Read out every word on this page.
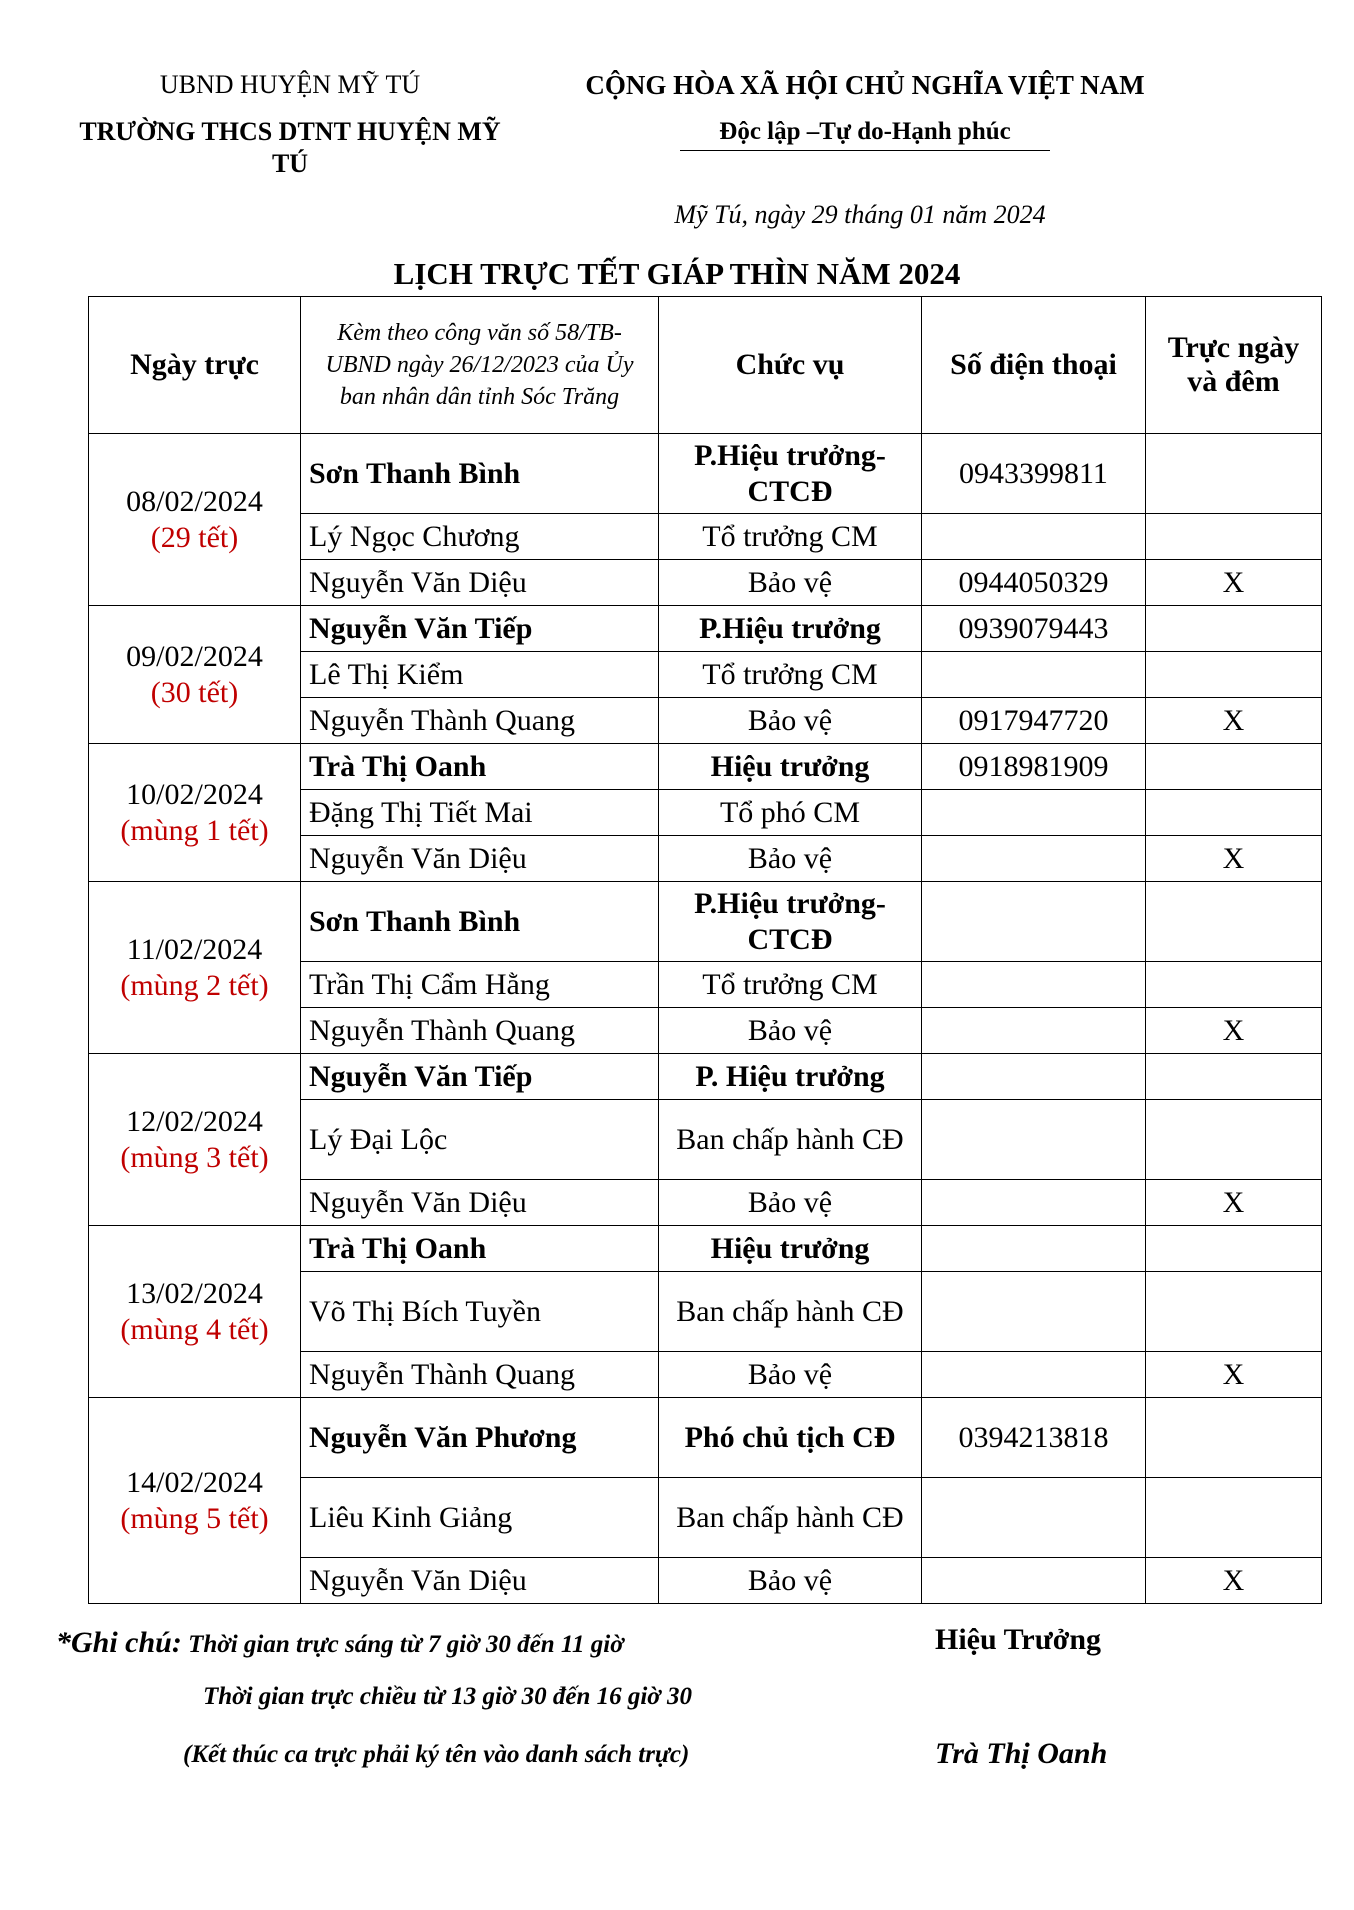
UBND HUYỆN MỸ TÚ
TRƯỜNG THCS DTNT HUYỆN MỸ TÚ
CỘNG HÒA XÃ HỘI CHỦ NGHĨA VIỆT NAM
Độc lập –Tự do-Hạnh phúc
Mỹ Tú, ngày 29 tháng 01 năm 2024
LỊCH TRỰC TẾT GIÁP THÌN NĂM 2024
Ngày trực	Kèm theo công văn số 58/TB-UBND ngày 26/12/2023 của Ủy ban nhân dân tỉnh Sóc Trăng	Chức vụ	Số điện thoại	Trực ngày và đêm

08/02/2024
(29 tết)	Sơn Thanh Bình	P.Hiệu trưởng-CTCĐ	0943399811	
	Lý Ngọc Chương	Tổ trưởng CM		
	Nguyễn Văn Diệu	Bảo vệ	0944050329	X

09/02/2024
(30 tết)	Nguyễn Văn Tiếp	P.Hiệu trưởng	0939079443	
	Lê Thị Kiểm	Tổ trưởng CM		
	Nguyễn Thành Quang	Bảo vệ	0917947720	X

10/02/2024
(mùng 1 tết)	Trà Thị Oanh	Hiệu trưởng	0918981909	
	Đặng Thị Tiết Mai	Tổ phó CM		
	Nguyễn Văn Diệu	Bảo vệ		X

11/02/2024
(mùng 2 tết)	Sơn Thanh Bình	P.Hiệu trưởng-CTCĐ		
	Trần Thị Cẩm Hằng	Tổ trưởng CM		
	Nguyễn Thành Quang	Bảo vệ		X

12/02/2024
(mùng 3 tết)	Nguyễn Văn Tiếp	P. Hiệu trưởng		
	Lý Đại Lộc	Ban chấp hành CĐ		
	Nguyễn Văn Diệu	Bảo vệ		X

13/02/2024
(mùng 4 tết)	Trà Thị Oanh	Hiệu trưởng		
	Võ Thị Bích Tuyền	Ban chấp hành CĐ		
	Nguyễn Thành Quang	Bảo vệ		X

14/02/2024
(mùng 5 tết)	Nguyễn Văn Phương	Phó chủ tịch CĐ	0394213818	
	Liêu Kinh Giảng	Ban chấp hành CĐ		
	Nguyễn Văn Diệu	Bảo vệ		X
*Ghi chú: Thời gian trực sáng từ 7 giờ 30 đến 11 giờ
Thời gian trực chiều từ 13 giờ 30 đến 16 giờ 30
(Kết thúc ca trực phải ký tên vào danh sách trực)
Hiệu Trưởng
Trà Thị Oanh
